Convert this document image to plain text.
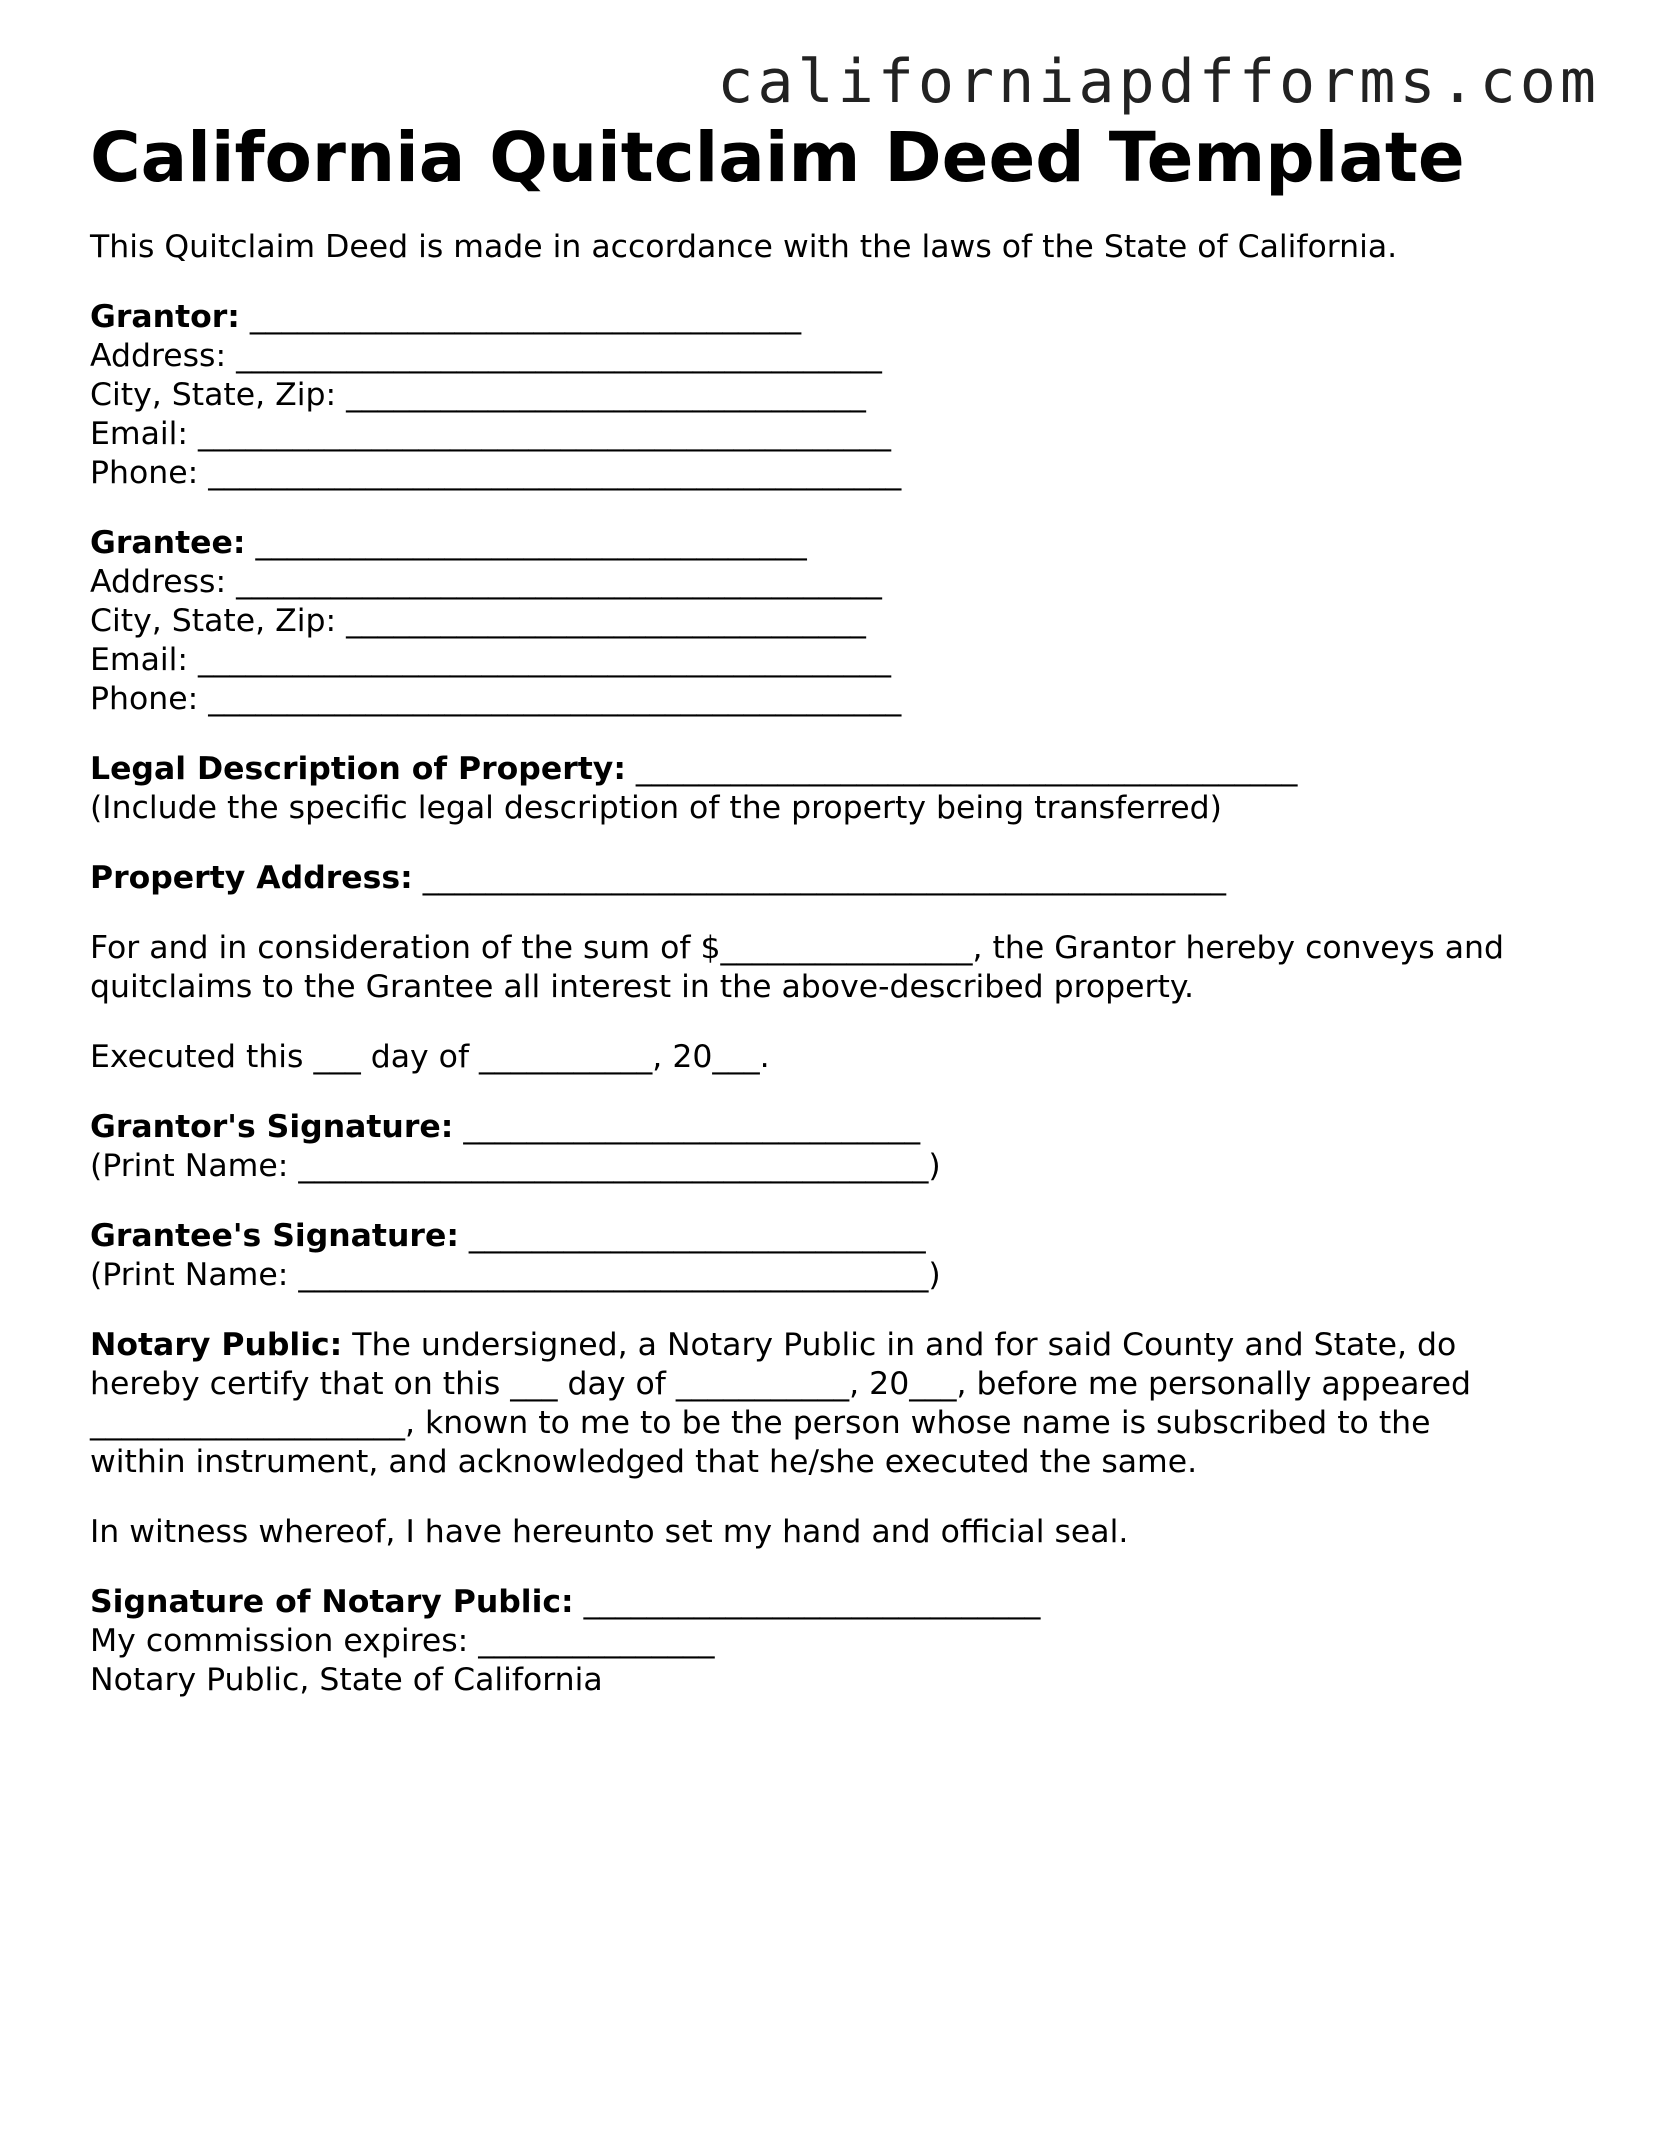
californiapdfforms.com
California Quitclaim Deed Template
This Quitclaim Deed is made in accordance with the laws of the State of California.
Grantor: ___________________________________
Address: _________________________________________
City, State, Zip: _________________________________
Email: ____________________________________________
Phone: ____________________________________________
Grantee: ___________________________________
Address: _________________________________________
City, State, Zip: _________________________________
Email: ____________________________________________
Phone: ____________________________________________
Legal Description of Property: __________________________________________
(Include the specific legal description of the property being transferred)
Property Address: ___________________________________________________
For and in consideration of the sum of $________________, the Grantor hereby conveys and
quitclaims to the Grantee all interest in the above-described property.
Executed this ___ day of ___________, 20___.
Grantor's Signature: _____________________________
(Print Name: ________________________________________)
Grantee's Signature: _____________________________
(Print Name: ________________________________________)
Notary Public: The undersigned, a Notary Public in and for said County and State, do
hereby certify that on this ___ day of ___________, 20___, before me personally appeared
____________________, known to me to be the person whose name is subscribed to the
within instrument, and acknowledged that he/she executed the same.
In witness whereof, I have hereunto set my hand and official seal.
Signature of Notary Public: _____________________________
My commission expires: _______________
Notary Public, State of California
